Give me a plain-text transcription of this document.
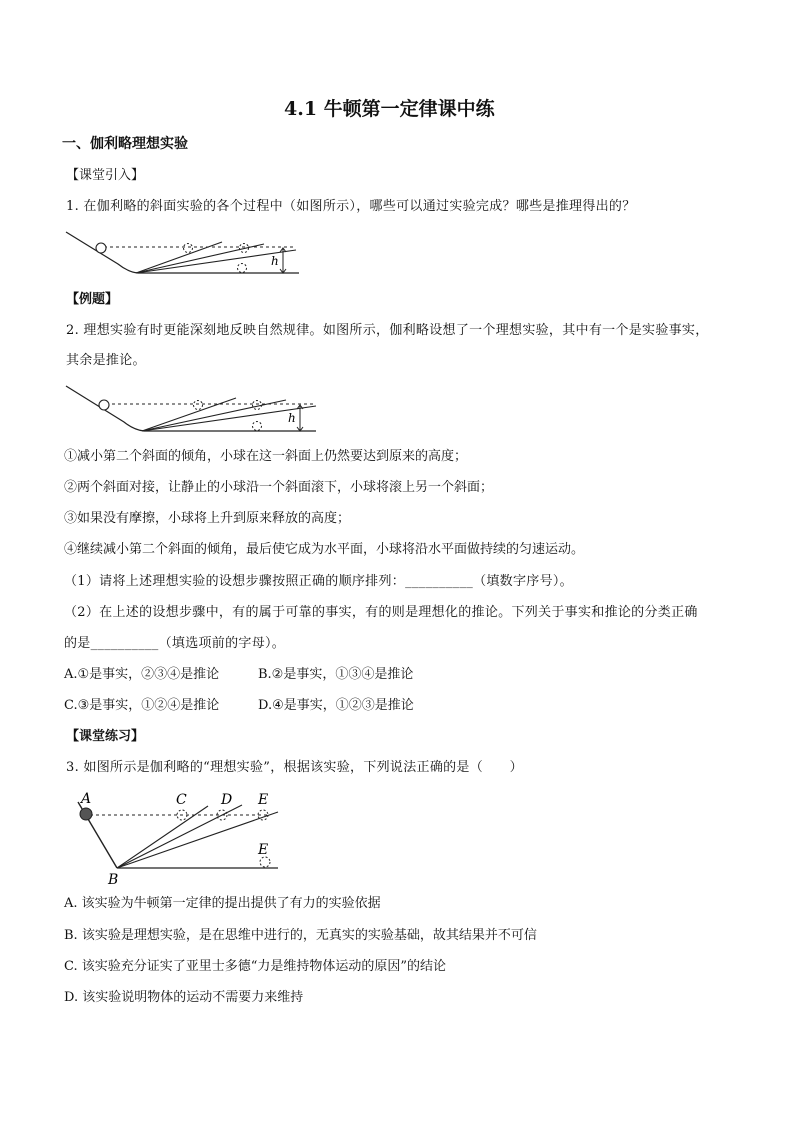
4.1 牛顿第一定律课中练
一、伽利略理想实验
【课堂引入】
1. 在伽利略的斜面实验的各个过程中（如图所示），哪些可以通过实验完成？哪些是推理得出的？
h
【例题】
2. 理想实验有时更能深刻地反映自然规律。如图所示，伽利略设想了一个理想实验，其中有一个是实验事实，
其余是推论。
h
①减小第二个斜面的倾角，小球在这一斜面上仍然要达到原来的高度；
②两个斜面对接，让静止的小球沿一个斜面滚下，小球将滚上另一个斜面；
③如果没有摩擦，小球将上升到原来释放的高度；
④继续减小第二个斜面的倾角，最后使它成为水平面，小球将沿水平面做持续的匀速运动。
（1）请将上述理想实验的设想步骤按照正确的顺序排列：__________（填数字序号）。
（2）在上述的设想步骤中，有的属于可靠的事实，有的则是理想化的推论。下列关于事实和推论的分类正确
的是__________（填选项前的字母）。
A.①是事实，②③④是推论	B.②是事实，①③④是推论
C.③是事实，①②④是推论	D.④是事实，①②③是推论
【课堂练习】
3. 如图所示是伽利略的“理想实验”，根据该实验，下列说法正确的是（　　）
A
B
C D E
E
A. 该实验为牛顿第一定律的提出提供了有力的实验依据
B. 该实验是理想实验，是在思维中进行的，无真实的实验基础，故其结果并不可信
C. 该实验充分证实了亚里士多德“力是维持物体运动的原因”的结论
D. 该实验说明物体的运动不需要力来维持
